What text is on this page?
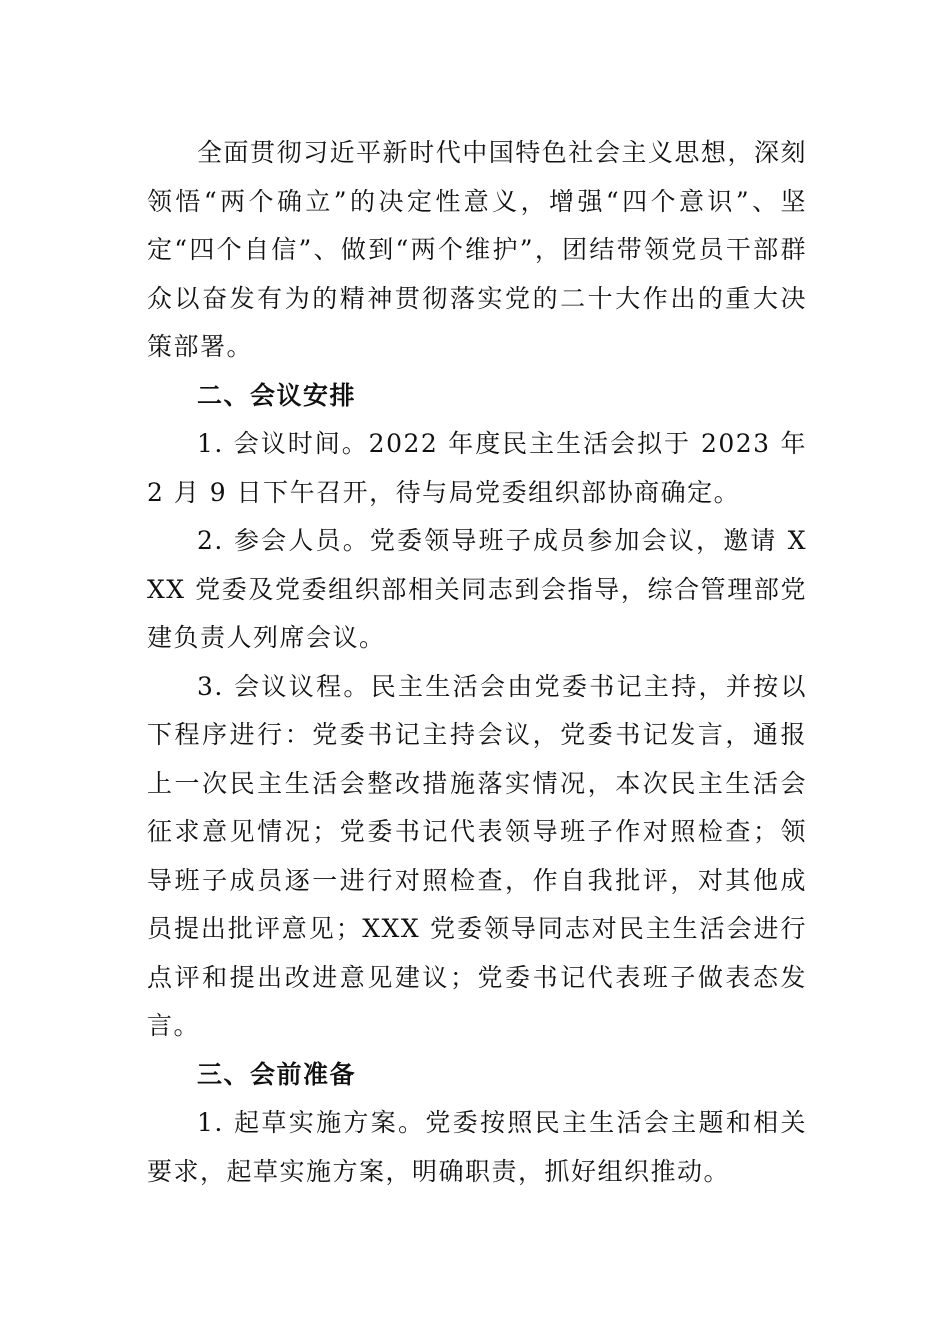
全面贯彻习近平新时代中国特色社会主义思想，深刻领悟“两个确立”的决定性意义，增强“四个意识”、坚定“四个自信”、做到“两个维护”，团结带领党员干部群众以奋发有为的精神贯彻落实党的二十大作出的重大决策部署。

二、会议安排

1. 会议时间。2022 年度民主生活会拟于 2023 年 2 月 9 日下午召开，待与局党委组织部协商确定。

2. 参会人员。党委领导班子成员参加会议，邀请 XXX 党委及党委组织部相关同志到会指导，综合管理部党建负责人列席会议。

3. 会议议程。民主生活会由党委书记主持，并按以下程序进行：党委书记主持会议，党委书记发言，通报上一次民主生活会整改措施落实情况，本次民主生活会征求意见情况；党委书记代表领导班子作对照检查；领导班子成员逐一进行对照检查，作自我批评，对其他成员提出批评意见；XXX 党委领导同志对民主生活会进行点评和提出改进意见建议；党委书记代表班子做表态发言。

三、会前准备

1. 起草实施方案。党委按照民主生活会主题和相关要求，起草实施方案，明确职责，抓好组织推动。
